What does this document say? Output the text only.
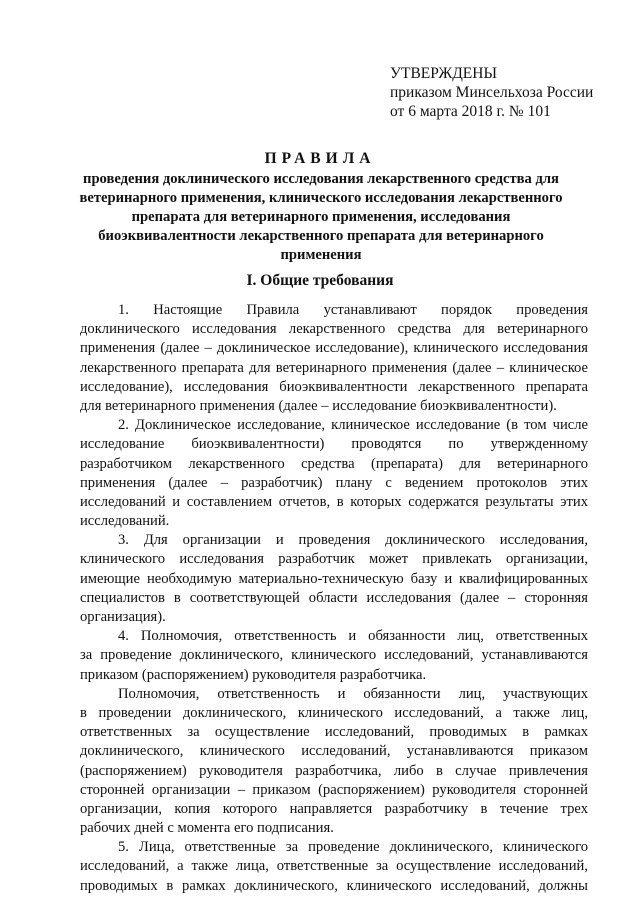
УТВЕРЖДЕНЫ
приказом Минсельхоза России
от 6 марта 2018 г. № 101
ПРАВИЛА
проведения доклинического исследования лекарственного средства для
ветеринарного применения, клинического исследования лекарственного
препарата для ветеринарного применения, исследования
биоэквивалентности лекарственного препарата для ветеринарного
применения
I. Общие требования
1. Настоящие Правила устанавливают порядок проведения
доклинического исследования лекарственного средства для ветеринарного
применения (далее – доклиническое исследование), клинического исследования
лекарственного препарата для ветеринарного применения (далее – клиническое
исследование), исследования биоэквивалентности лекарственного препарата
для ветеринарного применения (далее – исследование биоэквивалентности).
2. Доклиническое исследование, клиническое исследование (в том числе
исследование биоэквивалентности) проводятся по утвержденному
разработчиком лекарственного средства (препарата) для ветеринарного
применения (далее – разработчик) плану с ведением протоколов этих
исследований и составлением отчетов, в которых содержатся результаты этих
исследований.
3. Для организации и проведения доклинического исследования,
клинического исследования разработчик может привлекать организации,
имеющие необходимую материально-техническую базу и квалифицированных
специалистов в соответствующей области исследования (далее – сторонняя
организация).
4. Полномочия, ответственность и обязанности лиц, ответственных
за проведение доклинического, клинического исследований, устанавливаются
приказом (распоряжением) руководителя разработчика.
Полномочия, ответственность и обязанности лиц, участвующих
в проведении доклинического, клинического исследований, а также лиц,
ответственных за осуществление исследований, проводимых в рамках
доклинического, клинического исследований, устанавливаются приказом
(распоряжением) руководителя разработчика, либо в случае привлечения
сторонней организации – приказом (распоряжением) руководителя сторонней
организации, копия которого направляется разработчику в течение трех
рабочих дней с момента его подписания.
5. Лица, ответственные за проведение доклинического, клинического
исследований, а также лица, ответственные за осуществление исследований,
проводимых в рамках доклинического, клинического исследований, должны
